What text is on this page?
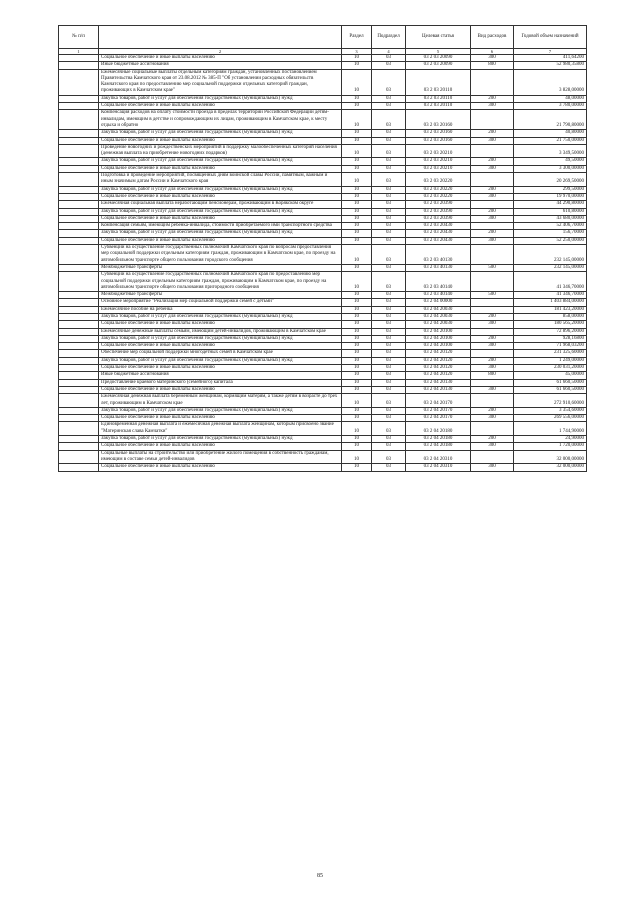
№ п/п		Раздел	Подраздел	Целевая статья	Вид расходов	Годовой объем назначений
1	2	3	4	5	6	7
	Социальное обеспечение и иные выплаты населению	10	03	03 2 03 20090	300	411,64200
	Иные бюджетные ассигнования	10	03	03 2 03 20090	800	52 980,35800
	Ежемесячные социальные выплаты отдельным категориям граждан, установленных постановлением Правительства Камчатского края от 23.08.2012 № 385-П "Об установлении расходных обязательств Камчатского края по предоставлению мер социальной поддержки отдельных категорий граждан, проживающих в Камчатском крае"	10	03	03 2 03 20110		3 828,00000
	Закупка товаров, работ и услуг для обеспечения государственных (муниципальных) нужд	10	03	03 2 03 20110	200	48,00000
	Социальное обеспечение и иные выплаты населению	10	03	03 2 03 20110	300	3 780,00000
	Компенсация расходов на оплату стоимости проезда в пределах территории Российской Федерации детям-инвалидам, имеющим в детстве и сопровождающим их лицам, проживающим в Камчатском крае, к месту отдыха и обратно	10	03	03 2 03 20160		21 790,80000
	Закупка товаров, работ и услуг для обеспечения государственных (муниципальных) нужд	10	03	03 2 03 20160	200	40,80000
	Социальное обеспечение и иные выплаты населению	10	03	03 2 03 20160	300	21 750,00000
	Проведение новогодних и рождественских мероприятий в поддержку малообеспеченных категорий населения (денежная выплата на приобретение новогодних подарков)	10	03	03 2 03 20210		3 349,50000
	Закупка товаров, работ и услуг для обеспечения государственных (муниципальных) нужд	10	03	03 2 03 20210	200	49,50000
	Социальное обеспечение и иные выплаты населению	10	03	03 2 03 20210	300	3 300,00000
	Подготовка и проведение мероприятий, посвященных дням воинской славы России, памятным, важным и иным значимым датам России и Камчатского края	10	03	03 2 03 20220		20 269,50000
	Закупка товаров, работ и услуг для обеспечения государственных (муниципальных) нужд	10	03	03 2 03 20220	200	299,50000
	Социальное обеспечение и иные выплаты населению	10	03	03 2 03 20220	300	19 970,00000
	Ежемесячная социальная выплата неработающим пенсионерам, проживающим в Корякском округе	10	03	03 2 03 20390		44 290,80000
	Закупка товаров, работ и услуг для обеспечения государственных (муниципальных) нужд	10	03	03 2 03 20390	200	610,80000
	Социальное обеспечение и иные выплаты населению	10	03	03 2 03 20390	300	43 680,00000
	Компенсация семьям, имеющим ребенка-инвалида, стоимости приобретаемого ими транспортного средства	10	03	03 2 03 20430		52 406,70000
	Закупка товаров, работ и услуг для обеспечения государственных (муниципальных) нужд	10	03	03 2 03 20430	200	156,70000
	Социальное обеспечение и иные выплаты населению	10	03	03 2 03 20430	300	52 250,00000
	Субвенции на осуществление государственных полномочий Камчатского края по вопросам предоставления мер социальной поддержки отдельным категориям граждан, проживающим в Камчатском крае, по проезду на автомобильном транспорте общего пользования городского сообщения	10	03	03 2 03 40130		232 145,00000
	Межбюджетные трансферты	10	03	03 2 03 40130	500	232 145,00000
	Субвенции на осуществление государственных полномочий Камчатского края по предоставлению мер социальной поддержки отдельным категориям граждан, проживающим в Камчатском крае, по проезду на автомобильном транспорте общего пользования пригородного сообщения	10	03	03 2 03 40140		41 346,70000
	Межбюджетные трансферты	10	03	03 2 03 40140	500	41 346,70000
	Основное мероприятие "Реализация мер социальной поддержки семей с детьми"	10	03	03 2 04 00000		1 403 884,00000
	Ежемесячное пособие на ребенка	10	03	03 2 04 20030		181 423,20000
	Закупка товаров, работ и услуг для обеспечения государственных (муниципальных) нужд	10	03	03 2 04 20030	200	858,00000
	Социальное обеспечение и иные выплаты населению	10	03	03 2 04 20030	300	180 565,20000
	Ежемесячные денежные выплаты семьям, имеющим детей-инвалидов, проживающим в Камчатском крае	10	03	03 2 04 20100		72 896,20000
	Закупка товаров, работ и услуг для обеспечения государственных (муниципальных) нужд	10	03	03 2 04 20100	200	928,16800
	Социальное обеспечение и иные выплаты населению	10	03	03 2 04 20100	300	71 968,03200
	Обеспечение мер социальной поддержки многодетных семей в Камчатском крае	10	03	03 2 04 20120		231 325,60000
	Закупка товаров, работ и услуг для обеспечения государственных (муниципальных) нужд	10	03	03 2 04 20120	200	1 249,00000
	Социальное обеспечение и иные выплаты населению	10	03	03 2 04 20120	300	230 031,20000
	Иные бюджетные ассигнования	10	03	03 2 04 20120	800	45,00000
	Предоставление краевого материнского (семейного) капитала	10	03	03 2 04 20130		61 660,50000
	Социальное обеспечение и иные выплаты населению	10	03	03 2 04 20130	300	61 660,50000
	Ежемесячная денежная выплата беременным женщинам, кормящим матерям, а также детям в возрасте до трех лет, проживающим в Камчатском крае	10	03	03 2 04 20170		272 910,60000
	Закупка товаров, работ и услуг для обеспечения государственных (муниципальных) нужд	10	03	03 2 04 20170	200	3 354,60000
	Социальное обеспечение и иные выплаты населению	10	03	03 2 04 20170	300	269 556,00000
	Единовременная денежная выплата и ежемесячная денежная выплата женщинам, которым присвоено звание "Материнская слава Камчатки"	10	03	03 2 04 20180		1 744,90000
	Закупка товаров, работ и услуг для обеспечения государственных (муниципальных) нужд	10	03	03 2 04 20180	200	24,90000
	Социальное обеспечение и иные выплаты населению	10	03	03 2 04 20180	300	1 720,00000
	Социальные выплаты на строительство или приобретение жилого помещения в собственность гражданам, имеющим в составе семьи детей-инвалидов	10	03	03 2 04 20310		32 000,00000
	Социальное обеспечение и иные выплаты населению	10	03	03 2 04 20310	300	32 000,00000
85
